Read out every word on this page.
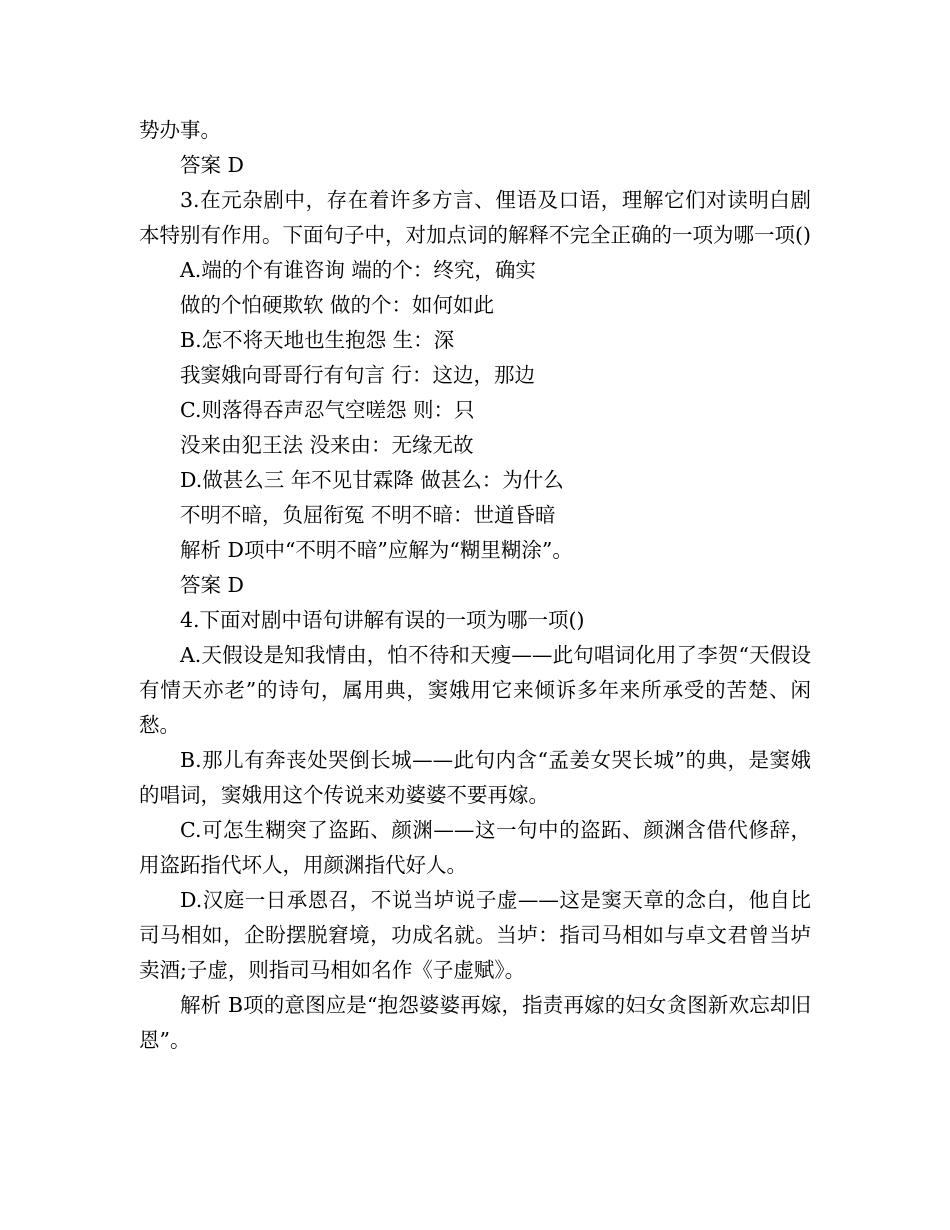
势办事。

答案 D

3.在元杂剧中，存在着许多方言、俚语及口语，理解它们对读明白剧本特别有作用。下面句子中，对加点词的解释不完全正确的一项为哪一项()

A.端的个有谁咨询 端的个：终究，确实

做的个怕硬欺软 做的个：如何如此

B.怎不将天地也生抱怨 生：深

我窦娥向哥哥行有句言 行：这边，那边

C.则落得吞声忍气空嗟怨 则：只

没来由犯王法 没来由：无缘无故

D.做甚么三 年不见甘霖降 做甚么：为什么

不明不暗，负屈衔冤 不明不暗：世道昏暗

解析 D项中“不明不暗”应解为“糊里糊涂”。

答案 D

4.下面对剧中语句讲解有误的一项为哪一项()

A.天假设是知我情由，怕不待和天瘦——此句唱词化用了李贺“天假设有情天亦老”的诗句，属用典，窦娥用它来倾诉多年来所承受的苦楚、闲愁。

B.那儿有奔丧处哭倒长城——此句内含“孟姜女哭长城”的典，是窦娥的唱词，窦娥用这个传说来劝婆婆不要再嫁。

C.可怎生糊突了盗跖、颜渊——这一句中的盗跖、颜渊含借代修辞，用盗跖指代坏人，用颜渊指代好人。

D.汉庭一日承恩召，不说当垆说子虚——这是窦天章的念白，他自比司马相如，企盼摆脱窘境，功成名就。当垆：指司马相如与卓文君曾当垆卖酒;子虚，则指司马相如名作《子虚赋》。

解析 B项的意图应是“抱怨婆婆再嫁，指责再嫁的妇女贪图新欢忘却旧恩”。
